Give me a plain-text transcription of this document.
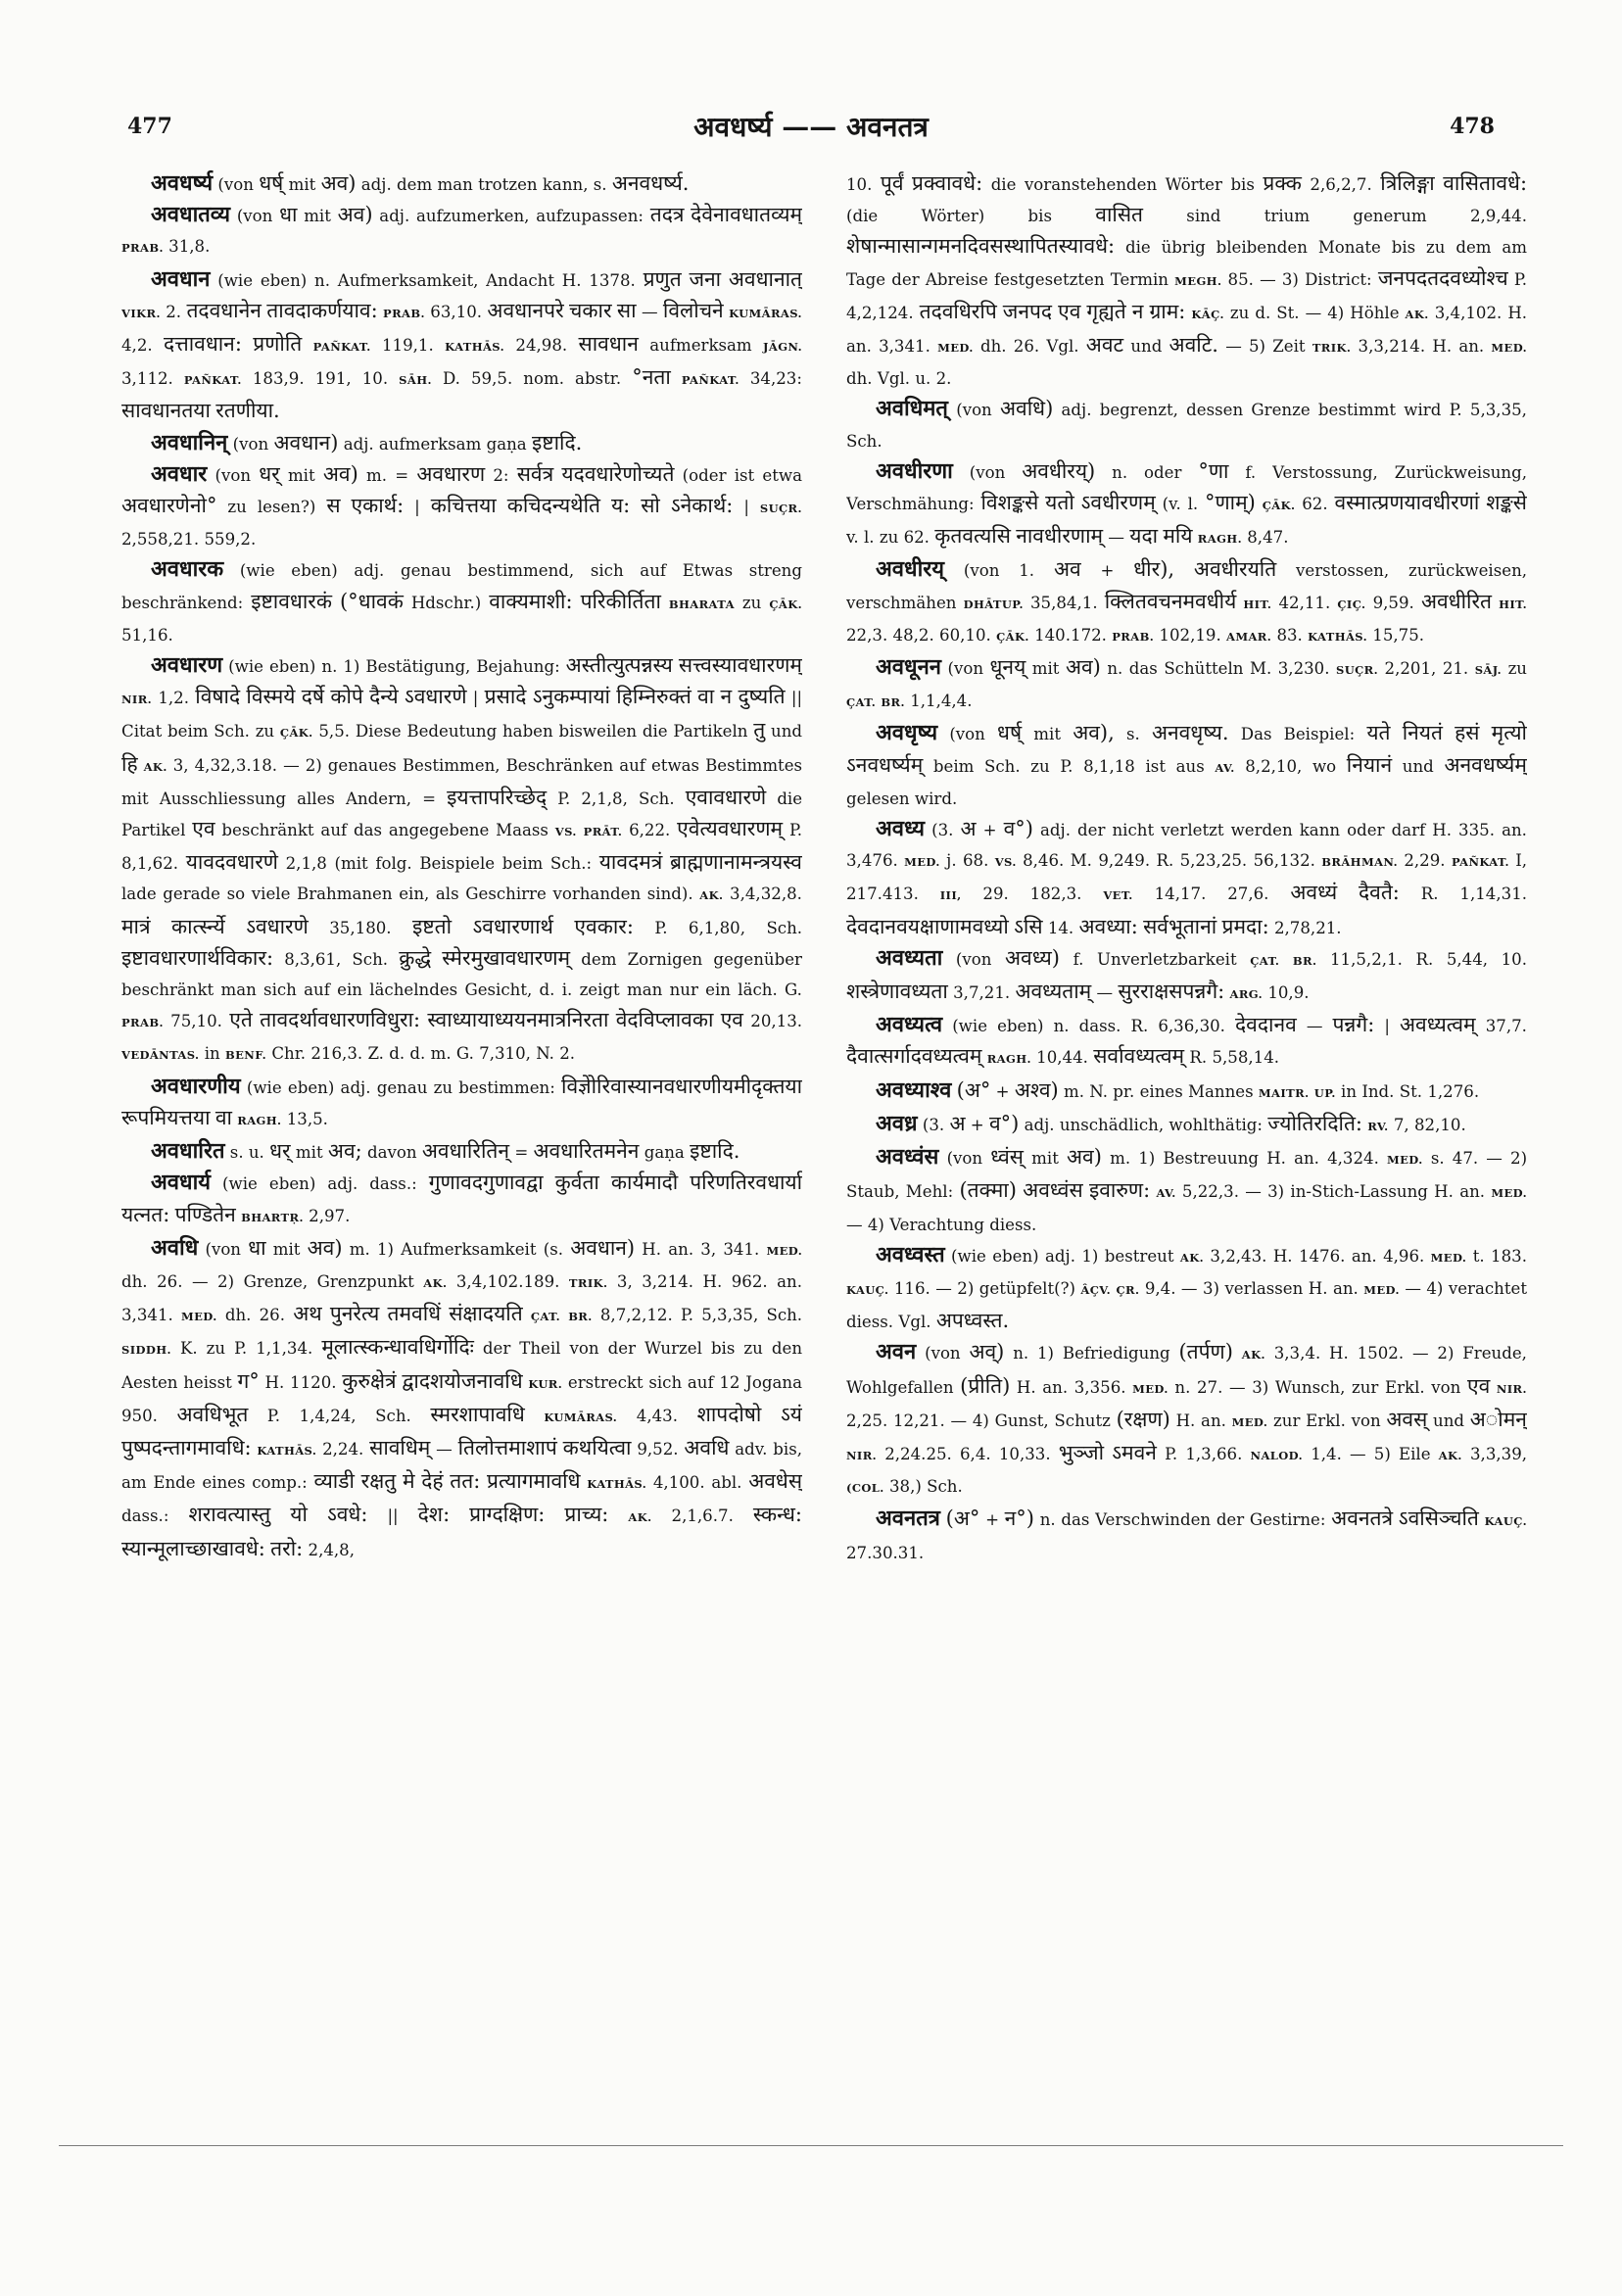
477	अवधर्ष्य —— अवनतत्र	478

अवधर्ष्य (von धर्ष् mit अव) adj. dem man trotzen kann, s. अनवधर्ष्य.

अवधातव्य (von धा mit अव) adj. aufzumerken, aufzupassen: तदत्र देवेनावधातव्यम् PRAB. 31,8.

अवधान (wie eben) n. Aufmerksamkeit, Andacht H. 1378. प्रणुत जना अवधानात् VIKR. 2. तदवधानेन तावदाकर्णयाव: PRAB. 63,10. अवधानपरे चकार सा — विलोचने KUMĀRAS. 4,2. दत्तावधान: प्रणोति PAÑKAT. 119,1. KATHĀS. 24,98. सावधान aufmerksam JĀGN. 3,112. PAÑKAT. 183,9. 191, 10. SĀH. D. 59,5. nom. abstr. °नता PAÑKAT. 34,23: सावधानतया रतणीया.

अवधानिन् (von अवधान) adj. aufmerksam gaṇa इष्टादि.

अवधार (von धर् mit अव) m. = अवधारण 2: सर्वत्र यदवधारेणोच्यते (oder ist etwa अवधारणेनो° zu lesen?) स एकार्थ: | कचित्तया कचिदन्यथेति य: सो ऽनेकार्थ: | SUÇR. 2,558,21. 559,2.

अवधारक (wie eben) adj. genau bestimmend, sich auf Etwas streng beschränkend: इष्टावधारकं (°धावकं Hdschr.) वाक्यमाशी: परिकीर्तिता BHARATA zu ÇĀK. 51,16.

अवधारण (wie eben) n. 1) Bestätigung, Bejahung: अस्तीत्युत्पन्नस्य सत्त्वस्यावधारणम् NIR. 1,2. विषादे विस्मये दर्षे कोपे दैन्ये ऽवधारणे | प्रसादे ऽनुकम्पायां हिम्निरुक्तं वा न दुष्यति || Citat beim Sch. zu ÇĀK. 5,5. Diese Bedeutung haben bisweilen die Partikeln तु und हि AK. 3, 4,32,3.18. — 2) genaues Bestimmen, Beschränken auf etwas Bestimmtes mit Ausschliessung alles Andern, = इयत्तापरिच्छेद् P. 2,1,8, Sch. एवावधारणे die Partikel एव beschränkt auf das angegebene Maass VS. PRĀT. 6,22. एवेत्यवधारणम् P. 8,1,62. यावदवधारणे 2,1,8 (mit folg. Beispiele beim Sch.: यावदमत्रं ब्राह्मणानामन्त्रयस्व lade gerade so viele Brahmanen ein, als Geschirre vorhanden sind). AK. 3,4,32,8. मात्रं कार्त्स्न्ये ऽवधारणे 35,180. इष्टतो ऽवधारणार्थ एवकार: P. 6,1,80, Sch. इष्टावधारणार्थविकार: 8,3,61, Sch. क्रुद्धे स्मेरमुखावधारणम् dem Zornigen gegenüber beschränkt man sich auf ein lächelndes Gesicht, d. i. zeigt man nur ein läch. G. PRAB. 75,10. एते तावदर्थावधारणविधुरा: स्वाध्यायाध्ययनमात्रनिरता वेदविप्लावका एव 20,13. VEDĀNTAS. in BENF. Chr. 216,3. Z. d. d. m. G. 7,310, N. 2.

अवधारणीय (wie eben) adj. genau zu bestimmen: विज्ञेोरिवास्यानवधारणीयमीदृक्तया रूपमियत्तया वा RAGH. 13,5.

अवधारित s. u. धर् mit अव; davon अवधारितिन् = अवधारितमनेन gaṇa इष्टादि.

अवधार्य (wie eben) adj. dass.: गुणावदगुणावद्वा कुर्वता कार्यमादौ परिणतिरवधार्या यत्नत: पण्डितेन BHARTṚ. 2,97.

अवधि (von धा mit अव) m. 1) Aufmerksamkeit (s. अवधान) H. an. 3, 341. MED. dh. 26. — 2) Grenze, Grenzpunkt AK. 3,4,102.189. TRIK. 3, 3,214. H. 962. an. 3,341. MED. dh. 26. अथ पुनरेत्य तमवधिं संक्षादयति ÇAT. BR. 8,7,2,12. P. 5,3,35, Sch. SIDDH. K. zu P. 1,1,34. मूलात्स्कन्धावधिर्गोदिः der Theil von der Wurzel bis zu den Aesten heisst ग° H. 1120. कुरुक्षेत्रं द्वादशयोजनावधि KUR. erstreckt sich auf 12 Jogana 950. अवधिभूत P. 1,4,24, Sch. स्मरशापावधि KUMĀRAS. 4,43. शापदोषो ऽयं पुष्पदन्तागमावधि: KATHĀS. 2,24. सावधिम् — तिलोत्तमाशापं कथयित्वा 9,52. अवधि adv. bis, am Ende eines comp.: व्याडी रक्षतु मे देहं तत: प्रत्यागमावधि KATHĀS. 4,100. abl. अवधेस् dass.: शरावत्यास्तु यो ऽवधे: || देश: प्राग्दक्षिण: प्राच्य: AK. 2,1,6.7. स्कन्ध: स्यान्मूलाच्छाखावधे: तरो: 2,4,8,

10. पूर्वं प्रक्वावधे: die voranstehenden Wörter bis प्रक्क 2,6,2,7. त्रिलिङ्गा वासितावधे: (die	Wörter)	bis वासित	sind	trium	generum	2,9,44. शेषान्मासान्गमनदिवसस्थापितस्यावधे: die übrig bleibenden Monate bis zu dem am Tage der Abreise festgesetzten Termin MEGH. 85. — 3) District: जनपदतदवध्योश्च P. 4,2,124. तदवधिरपि जनपद एव गृह्यते न ग्राम: KĀÇ. zu d. St. — 4) Höhle AK. 3,4,102. H. an. 3,341. MED. dh. 26. Vgl. अवट und अवटि. — 5) Zeit TRIK. 3,3,214. H. an. MED. dh. Vgl. u. 2.

अवधिमत् (von अवधि) adj. begrenzt, dessen Grenze bestimmt wird P. 5,3,35, Sch.

अवधीरणा (von अवधीरय्) n. oder °णा f. Verstossung, Zurückweisung, Verschmähung: विशङ्कसे यतो ऽवधीरणम् (v. l. °णाम्) ÇĀK. 62. वस्मात्प्रणयावधीरणां शङ्कसे v. l. zu 62. कृतवत्यसि नावधीरणाम् — यदा मयि RAGH. 8,47.

अवधीरय् (von 1. अव + धीर), अवधीरयति verstossen, zurückweisen, verschmähen DHĀTUP. 35,84,1. क्लितवचनमवधीर्य HIT. 42,11. ÇIÇ. 9,59. अवधीरित HIT. 22,3. 48,2. 60,10. ÇĀK. 140.172. PRAB. 102,19. AMAR. 83. KATHĀS. 15,75.

अवधूनन (von धूनय् mit अव) n. das Schütteln M. 3,230. SUÇR. 2,201, 21. SĀJ. zu ÇAT. BR. 1,1,4,4.

अवधृष्य (von धर्ष् mit अव), s. अनवधृष्य. Das Beispiel: यते नियतं हसं मृत्यो ऽनवधर्ष्यम् beim Sch. zu P. 8,1,18 ist aus AV. 8,2,10, wo नियानं und अनवधर्ष्यम् gelesen wird.

अवध्य (3. अ + व°) adj. der nicht verletzt werden kann oder darf H. 335. an. 3,476. MED. j. 68. VS. 8,46. M. 9,249. R. 5,23,25. 56,132. BRĀHMAN. 2,29. PAÑKAT. I, 217.413. III, 29. 182,3. VET. 14,17. 27,6. अवध्यं दैवतै: R. 1,14,31. देवदानवयक्षाणामवध्यो ऽसि 14. अवध्या: सर्वभूतानां प्रमदा: 2,78,21.

अवध्यता (von अवध्य) f. Unverletzbarkeit ÇAT. BR. 11,5,2,1. R. 5,44, 10. शस्त्रेणावध्यता 3,7,21. अवध्यताम् — सुरराक्षसपन्नगै: ARG. 10,9.

अवध्यत्व (wie eben) n. dass. R. 6,36,30. देवदानव — पन्नगै: | अवध्यत्वम् 37,7. दैवात्सर्गादवध्यत्वम् RAGH. 10,44. सर्वावध्यत्वम् R. 5,58,14.

अवध्याश्व (अ° + अश्व) m. N. pr. eines Mannes MAITR. UP. in Ind. St. 1,276.

अवध्र (3. अ + व°) adj. unschädlich, wohlthätig: ज्योतिरदिति: RV. 7, 82,10.

अवध्वंस (von ध्वंस् mit अव) m. 1) Bestreuung H. an. 4,324. MED. s. 47. — 2) Staub, Mehl: (तक्मा) अवध्वंस इवारुण: AV. 5,22,3. — 3) in-Stich-Lassung H. an. MED. — 4) Verachtung diess.

अवध्वस्त (wie eben) adj. 1) bestreut AK. 3,2,43. H. 1476. an. 4,96. MED. t. 183. KAUÇ. 116. — 2) getüpfelt(?) ÂÇV. ÇR. 9,4. — 3) verlassen H. an. MED. — 4) verachtet diess. Vgl. अपध्वस्त.

अवन (von अव्) n. 1) Befriedigung (तर्पण) AK. 3,3,4. H. 1502. — 2) Freude, Wohlgefallen (प्रीति) H. an. 3,356. MED. n. 27. — 3) Wunsch, zur Erkl. von एव NIR. 2,25. 12,21. — 4) Gunst, Schutz (रक्षण) H. an. MED. zur Erkl. von अवस् und अोमन् NIR. 2,24.25. 6,4. 10,33. भुञ्जो ऽमवने P. 1,3,66. NALOD. 1,4. — 5) Eile AK. 3,3,39, (COL. 38,) Sch.

अवनतत्र (अ° + न°) n. das Verschwinden der Gestirne: अवनतत्रे ऽवसिञ्चति KAUÇ. 27.30.31.
